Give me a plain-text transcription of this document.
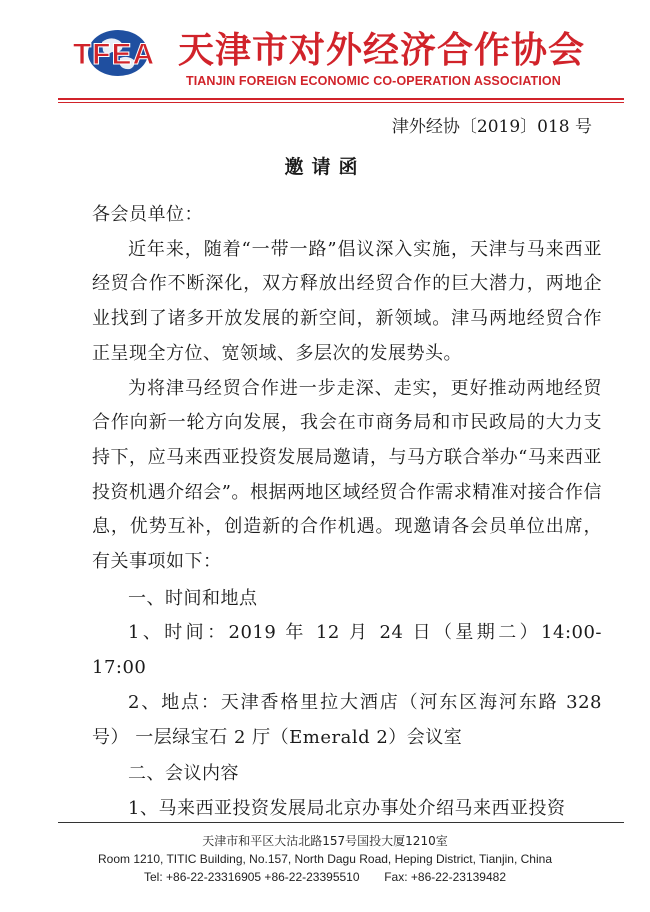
TFEA 天津市对外经济合作协会
TIANJIN FOREIGN ECONOMIC CO-OPERATION ASSOCIATION
津外经协〔2019〕018 号
邀请函

各会员单位：

近年来，随着“一带一路”倡议深入实施，天津与马来西亚经贸合作不断深化，双方释放出经贸合作的巨大潜力，两地企业找到了诸多开放发展的新空间，新领域。津马两地经贸合作正呈现全方位、宽领域、多层次的发展势头。

为将津马经贸合作进一步走深、走实，更好推动两地经贸合作向新一轮方向发展，我会在市商务局和市民政局的大力支持下，应马来西亚投资发展局邀请，与马方联合举办“马来西亚投资机遇介绍会”。根据两地区域经贸合作需求精准对接合作信息，优势互补，创造新的合作机遇。现邀请各会员单位出席，有关事项如下：

一、时间和地点

1、时间：2019 年 12 月 24 日（星期二）14:00-17:00

2、地点：天津香格里拉大酒店（河东区海河东路 328 号） 一层绿宝石 2 厅（Emerald 2）会议室

二、会议内容

1、马来西亚投资发展局北京办事处介绍马来西亚投资

天津市和平区大沽北路157号国投大厦1210室
Room 1210, TITIC Building, No.157, North Dagu Road, Heping District, Tianjin, China
Tel: +86-22-23316905 +86-22-23395510 Fax: +86-22-23139482
